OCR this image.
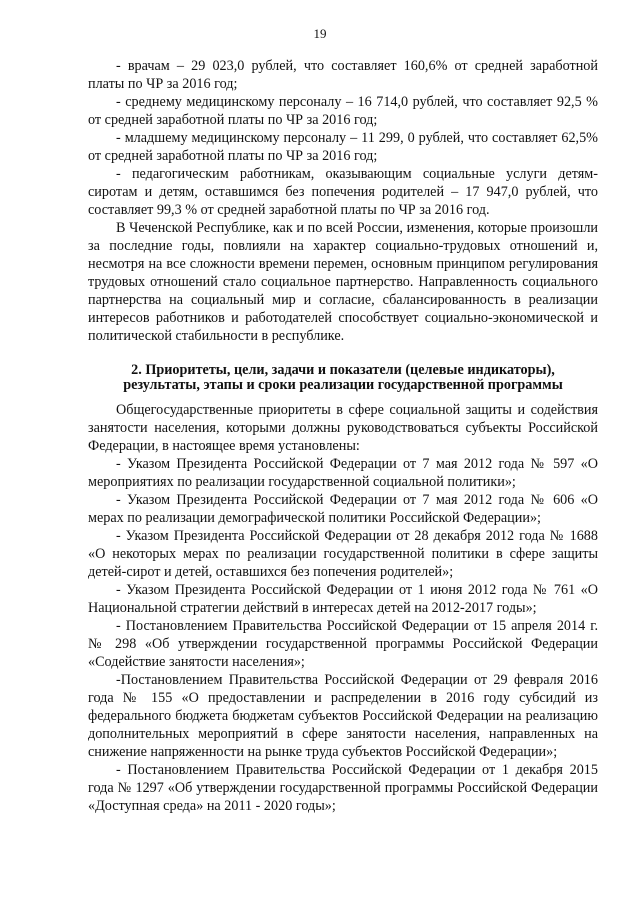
19

- врачам – 29 023,0 рублей, что составляет 160,6% от средней заработной платы по ЧР за 2016 год;

- среднему медицинскому персоналу – 16 714,0 рублей, что составляет 92,5 % от средней заработной платы по ЧР за 2016 год;

- младшему медицинскому персоналу – 11 299, 0 рублей, что составляет 62,5% от средней заработной платы по ЧР за 2016 год;

- педагогическим работникам, оказывающим социальные услуги детям-сиротам и детям, оставшимся без попечения родителей – 17 947,0 рублей, что составляет 99,3 % от средней заработной платы по ЧР за 2016 год.

В Чеченской Республике, как и по всей России, изменения, которые произошли за последние годы, повлияли на характер социально-трудовых отношений и, несмотря на все сложности времени перемен, основным принципом регулирования трудовых отношений стало социальное партнерство. Направленность социального партнерства на социальный мир и согласие, сбалансированность в реализации интересов работников и работодателей способствует социально-экономической и политической стабильности в республике.

2. Приоритеты, цели, задачи и показатели (целевые индикаторы),
результаты, этапы и сроки реализации государственной программы

Общегосударственные приоритеты в сфере социальной защиты и содействия занятости населения, которыми должны руководствоваться субъекты Российской Федерации, в настоящее время установлены:

- Указом Президента Российской Федерации от 7 мая 2012 года № 597 «О мероприятиях по реализации государственной социальной политики»;

- Указом Президента Российской Федерации от 7 мая 2012 года № 606 «О мерах по реализации демографической политики Российской Федерации»;

- Указом Президента Российской Федерации от 28 декабря 2012 года № 1688 «О некоторых мерах по реализации государственной политики в сфере защиты детей-сирот и детей, оставшихся без попечения родителей»;

- Указом Президента Российской Федерации от 1 июня 2012 года № 761 «О Национальной стратегии действий в интересах детей на 2012-2017 годы»;

- Постановлением Правительства Российской Федерации от 15 апреля 2014 г. № 298 «Об утверждении государственной программы Российской Федерации «Содействие занятости населения»;

-Постановлением Правительства Российской Федерации от 29 февраля 2016 года № 155 «О предоставлении и распределении в 2016 году субсидий из федерального бюджета бюджетам субъектов Российской Федерации на реализацию дополнительных мероприятий в сфере занятости населения, направленных на снижение напряженности на рынке труда субъектов Российской Федерации»;

- Постановлением Правительства Российской Федерации от 1 декабря 2015 года № 1297 «Об утверждении государственной программы Российской Федерации «Доступная среда» на 2011 - 2020 годы»;
